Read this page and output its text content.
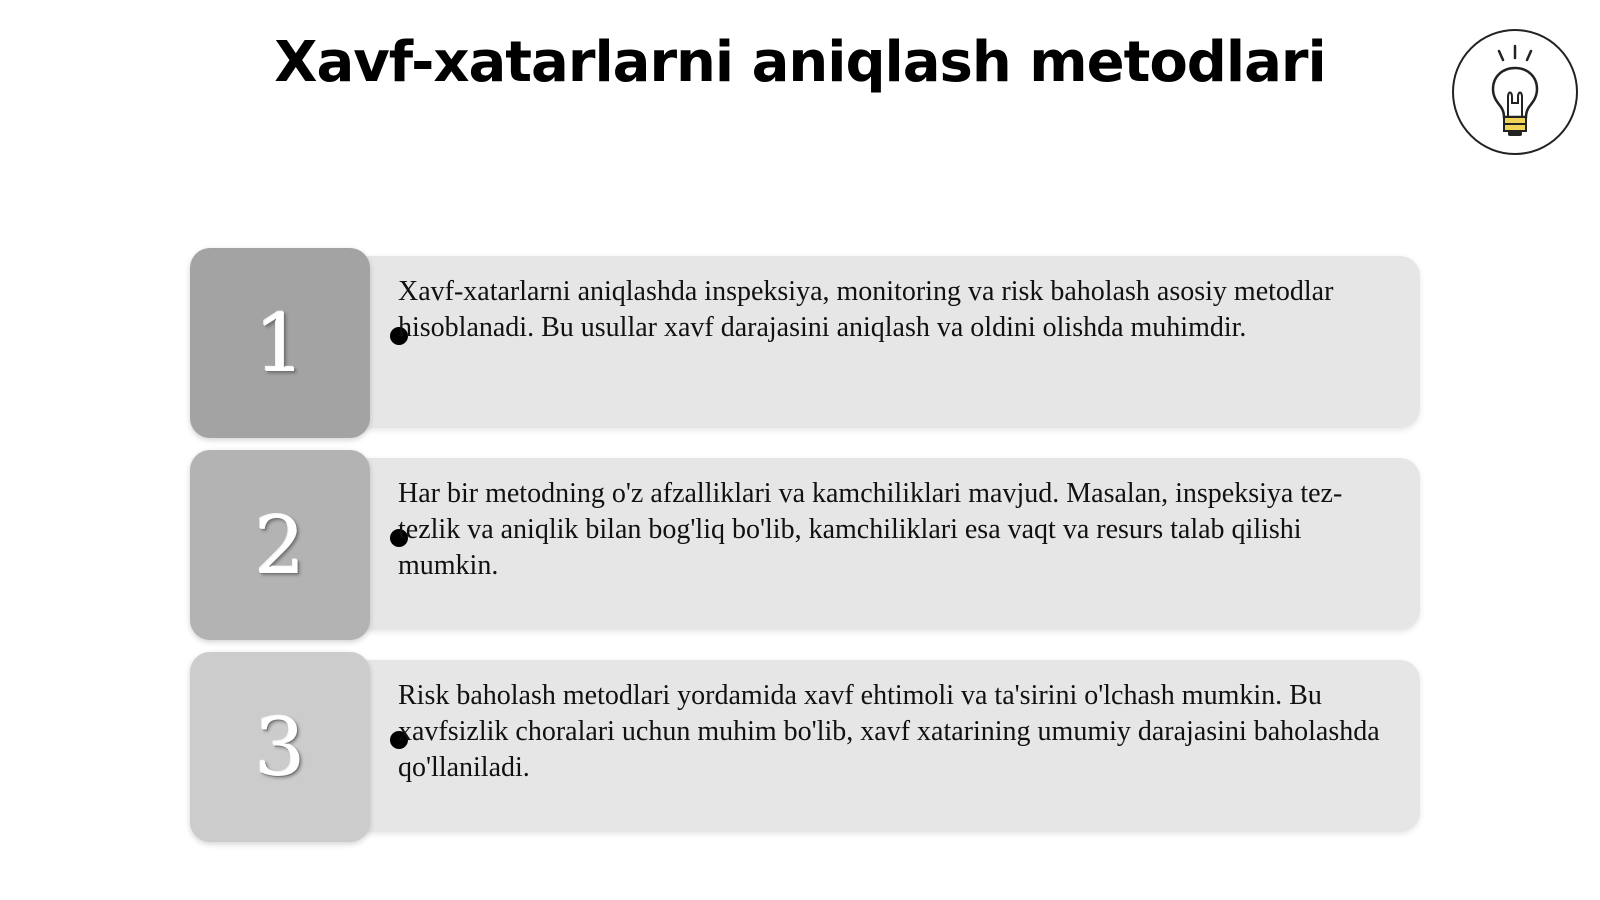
Xavf-xatarlarni aniqlash metodlari
1

Xavf-xatarlarni aniqlashda inspeksiya, monitoring va risk baholash asosiy metodlar hisoblanadi. Bu usullar xavf darajasini aniqlash va oldini olishda muhimdir.

2

Har bir metodning o'z afzalliklari va kamchiliklari mavjud. Masalan, inspeksiya tez-tezlik va aniqlik bilan bog'liq bo'lib, kamchiliklari esa vaqt va resurs talab qilishi mumkin.

3

Risk baholash metodlari yordamida xavf ehtimoli va ta'sirini o'lchash mumkin. Bu xavfsizlik choralari uchun muhim bo'lib, xavf xatarining umumiy darajasini baholashda qo'llaniladi.
